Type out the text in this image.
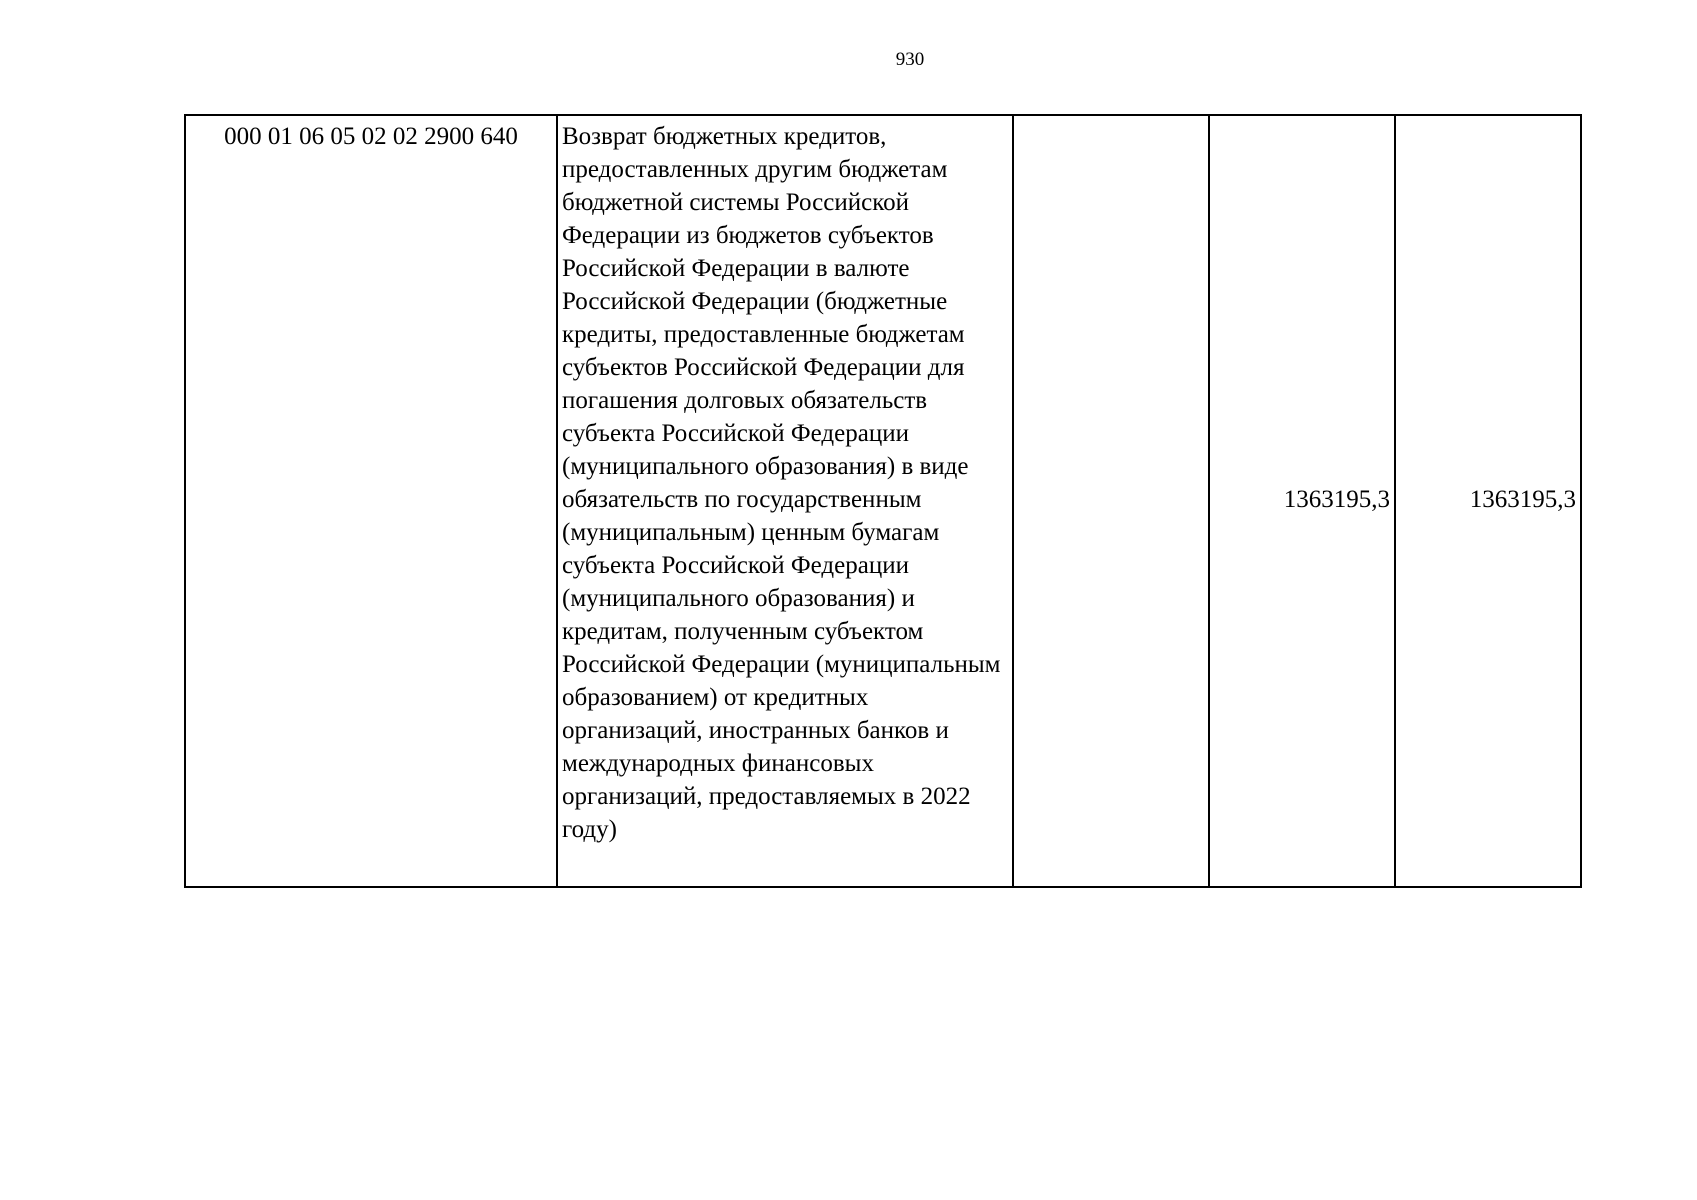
930
000 01 06 05 02 02 2900 640	Возврат бюджетных кредитов, предоставленных другим бюджетам бюджетной системы Российской Федерации из бюджетов субъектов Российской Федерации в валюте Российской Федерации (бюджетные кредиты, предоставленные бюджетам субъектов Российской Федерации для погашения долговых обязательств субъекта Российской Федерации (муниципального образования) в виде обязательств по государственным (муниципальным) ценным бумагам субъекта Российской Федерации (муниципального образования) и кредитам, полученным субъектом Российской Федерации (муниципальным образованием) от кредитных организаций, иностранных банков и международных финансовых организаций, предоставляемых в 2022 году)		1363195,3	1363195,3
